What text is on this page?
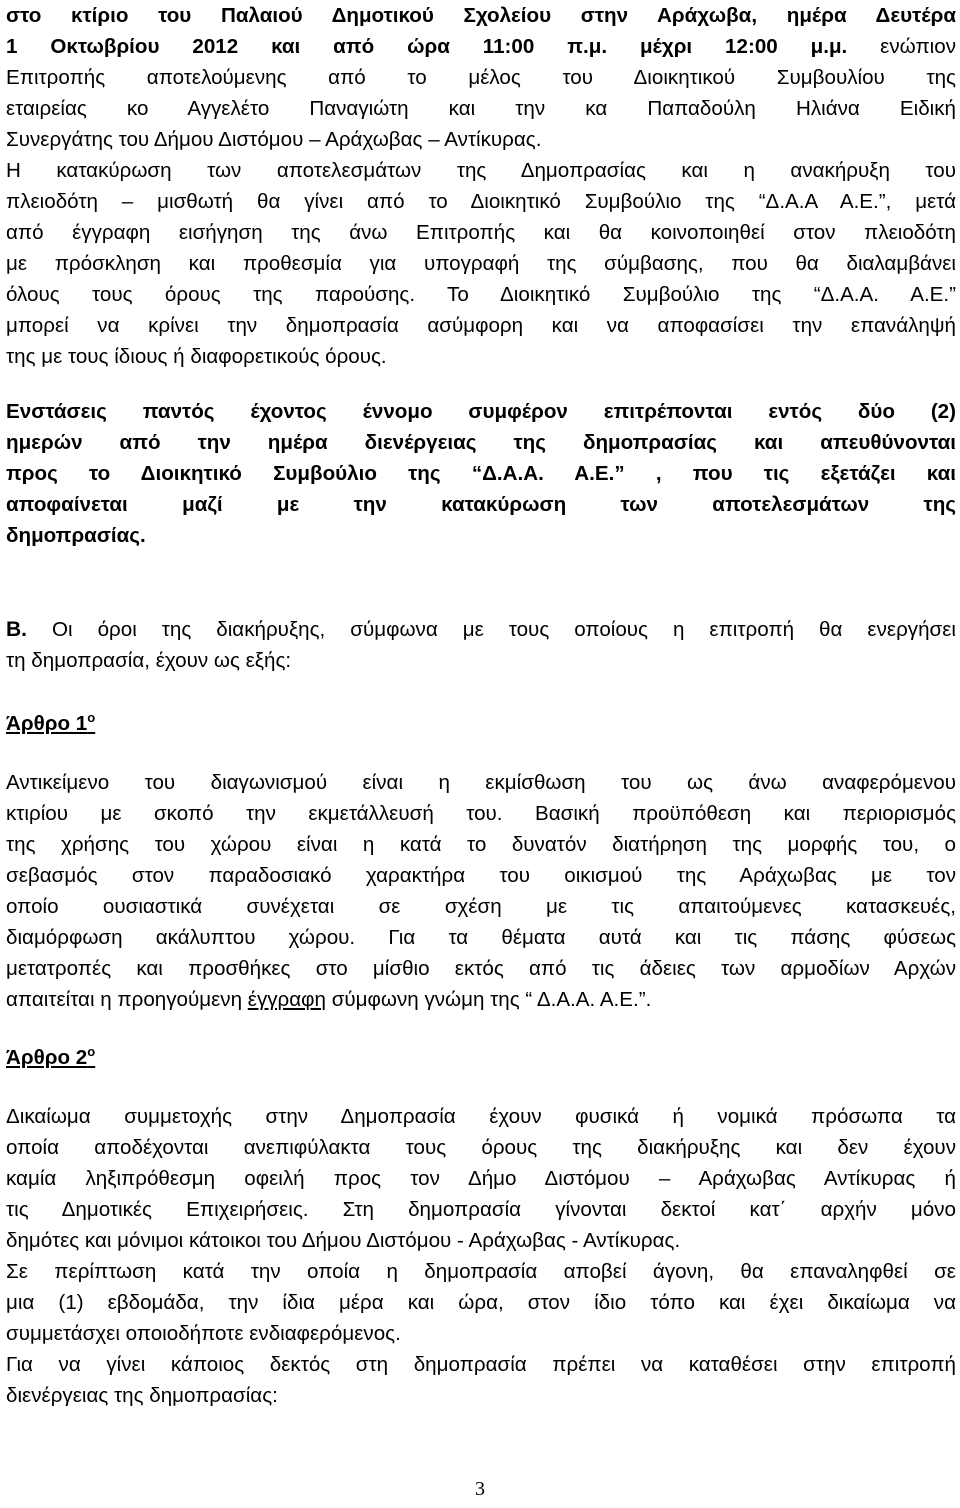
στο κτίριο του Παλαιού Δημοτικού Σχολείου στην Αράχωβα, ημέρα Δευτέρα
1 Οκτωβρίου 2012 και από ώρα 11:00 π.μ. μέχρι 12:00 μ.μ. ενώπιον
Επιτροπής αποτελούμενης από το μέλος του Διοικητικού Συμβουλίου της
εταιρείας κο Αγγελέτο Παναγιώτη και την κα Παπαδούλη Ηλιάνα Ειδική
Συνεργάτης του Δήμου Διστόμου – Αράχωβας – Αντίκυρας.
Η κατακύρωση των αποτελεσμάτων της Δημοπρασίας και η ανακήρυξη του
πλειοδότη – μισθωτή θα γίνει από το Διοικητικό Συμβούλιο της “Δ.Α.Α Α.Ε.”, μετά
από έγγραφη εισήγηση της άνω Επιτροπής και θα κοινοποιηθεί στον πλειοδότη
με πρόσκληση και προθεσμία για υπογραφή της σύμβασης, που θα διαλαμβάνει
όλους τους όρους της παρούσης. Το Διοικητικό Συμβούλιο της “Δ.Α.Α. Α.Ε.”
μπορεί να κρίνει την δημοπρασία ασύμφορη και να αποφασίσει την επανάληψή
της με τους ίδιους ή διαφορετικούς όρους.
Ενστάσεις παντός έχοντος έννομο συμφέρον επιτρέπονται εντός δύο (2)
ημερών από την ημέρα διενέργειας της δημοπρασίας και απευθύνονται
προς το Διοικητικό Συμβούλιο της “Δ.Α.Α. Α.Ε.” , που τις εξετάζει και
αποφαίνεται μαζί με την κατακύρωση των αποτελεσμάτων της
δημοπρασίας.
Β. Οι όροι της διακήρυξης, σύμφωνα με τους οποίους η επιτροπή θα ενεργήσει
τη δημοπρασία, έχουν ως εξής:
Άρθρο $1^o$
Αντικείμενο του διαγωνισμού είναι η εκμίσθωση του ως άνω αναφερόμενου
κτιρίου με σκοπό την εκμετάλλευσή του. Βασική προϋπόθεση και περιορισμός
της χρήσης του χώρου είναι η κατά το δυνατόν διατήρηση της μορφής του, ο
σεβασμός στον παραδοσιακό χαρακτήρα του οικισμού της Αράχωβας με τον
οποίο ουσιαστικά συνέχεται σε σχέση με τις απαιτούμενες κατασκευές,
διαμόρφωση ακάλυπτου χώρου. Για τα θέματα αυτά και τις πάσης φύσεως
μετατροπές και προσθήκες στο μίσθιο εκτός από τις άδειες των αρμοδίων Αρχών
απαιτείται η προηγούμενη έγγραφη σύμφωνη γνώμη της “ Δ.Α.Α. Α.Ε.”.
Άρθρο $2^o$
Δικαίωμα συμμετοχής στην Δημοπρασία έχουν φυσικά ή νομικά πρόσωπα τα
οποία αποδέχονται ανεπιφύλακτα τους όρους της διακήρυξης και δεν έχουν
καμία ληξιπρόθεσμη οφειλή προς τον Δήμο Διστόμου – Αράχωβας Αντίκυρας ή
τις Δημοτικές Επιχειρήσεις. Στη δημοπρασία γίνονται δεκτοί κατ΄ αρχήν μόνο
δημότες και μόνιμοι κάτοικοι του Δήμου Διστόμου - Αράχωβας - Αντίκυρας.
Σε περίπτωση κατά την οποία η δημοπρασία αποβεί άγονη, θα επαναληφθεί σε
μια (1) εβδομάδα, την ίδια μέρα και ώρα, στον ίδιο τόπο και έχει δικαίωμα να
συμμετάσχει οποιοδήποτε ενδιαφερόμενος.
Για να γίνει κάποιος δεκτός στη δημοπρασία πρέπει να καταθέσει στην επιτροπή
διενέργειας της δημοπρασίας:
3
